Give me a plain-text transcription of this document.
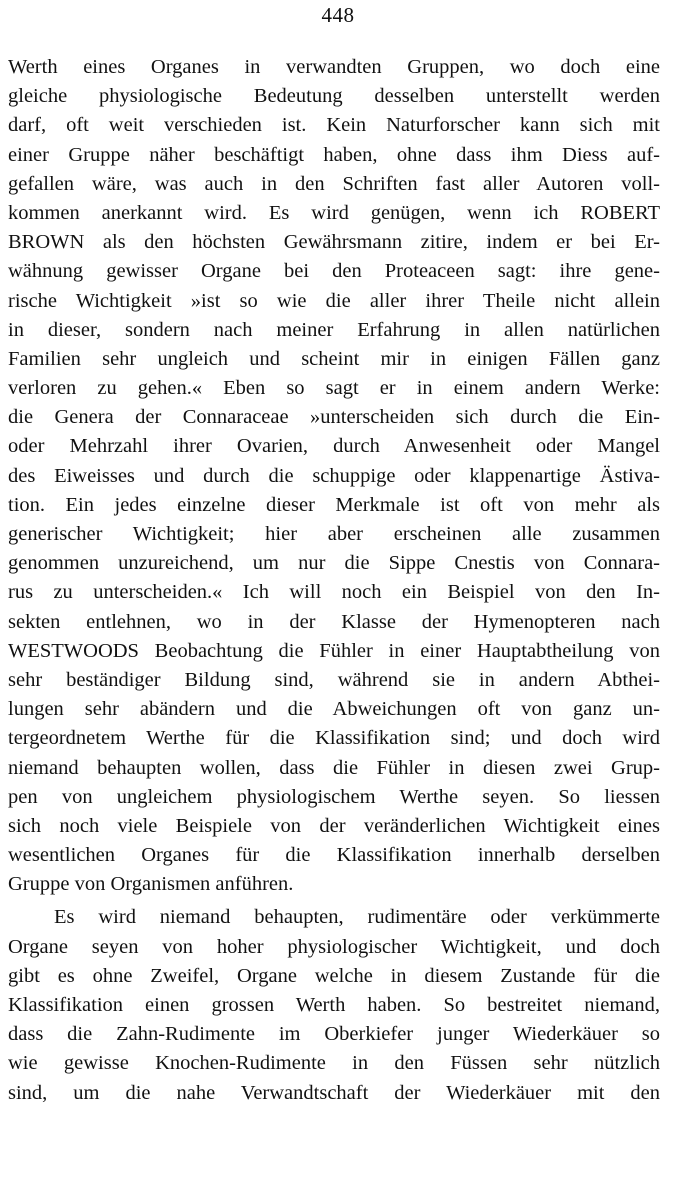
448
Werth eines Organes in verwandten Gruppen, wo doch eine
gleiche physiologische Bedeutung desselben unterstellt werden
darf, oft weit verschieden ist. Kein Naturforscher kann sich mit
einer Gruppe näher beschäftigt haben, ohne dass ihm Diess auf-
gefallen wäre, was auch in den Schriften fast aller Autoren voll-
kommen anerkannt wird. Es wird genügen, wenn ich ROBERT
BROWN als den höchsten Gewährsmann zitire, indem er bei Er-
wähnung gewisser Organe bei den Proteaceen sagt: ihre gene-
rische Wichtigkeit »ist so wie die aller ihrer Theile nicht allein
in dieser, sondern nach meiner Erfahrung in allen natürlichen
Familien sehr ungleich und scheint mir in einigen Fällen ganz
verloren zu gehen.« Eben so sagt er in einem andern Werke:
die Genera der Connaraceae »unterscheiden sich durch die Ein-
oder Mehrzahl ihrer Ovarien, durch Anwesenheit oder Mangel
des Eiweisses und durch die schuppige oder klappenartige Ästiva-
tion. Ein jedes einzelne dieser Merkmale ist oft von mehr als
generischer Wichtigkeit; hier aber erscheinen alle zusammen
genommen unzureichend, um nur die Sippe Cnestis von Connara-
rus zu unterscheiden.« Ich will noch ein Beispiel von den In-
sekten entlehnen, wo in der Klasse der Hymenopteren nach
WESTWOODS Beobachtung die Fühler in einer Hauptabtheilung von
sehr beständiger Bildung sind, während sie in andern Abthei-
lungen sehr abändern und die Abweichungen oft von ganz un-
tergeordnetem Werthe für die Klassifikation sind; und doch wird
niemand behaupten wollen, dass die Fühler in diesen zwei Grup-
pen von ungleichem physiologischem Werthe seyen. So liessen
sich noch viele Beispiele von der veränderlichen Wichtigkeit eines
wesentlichen Organes für die Klassifikation innerhalb derselben
Gruppe von Organismen anführen.
Es wird niemand behaupten, rudimentäre oder verkümmerte
Organe seyen von hoher physiologischer Wichtigkeit, und doch
gibt es ohne Zweifel, Organe welche in diesem Zustande für die
Klassifikation einen grossen Werth haben. So bestreitet niemand,
dass die Zahn-Rudimente im Oberkiefer junger Wiederkäuer so
wie gewisse Knochen-Rudimente in den Füssen sehr nützlich
sind, um die nahe Verwandtschaft der Wiederkäuer mit den
